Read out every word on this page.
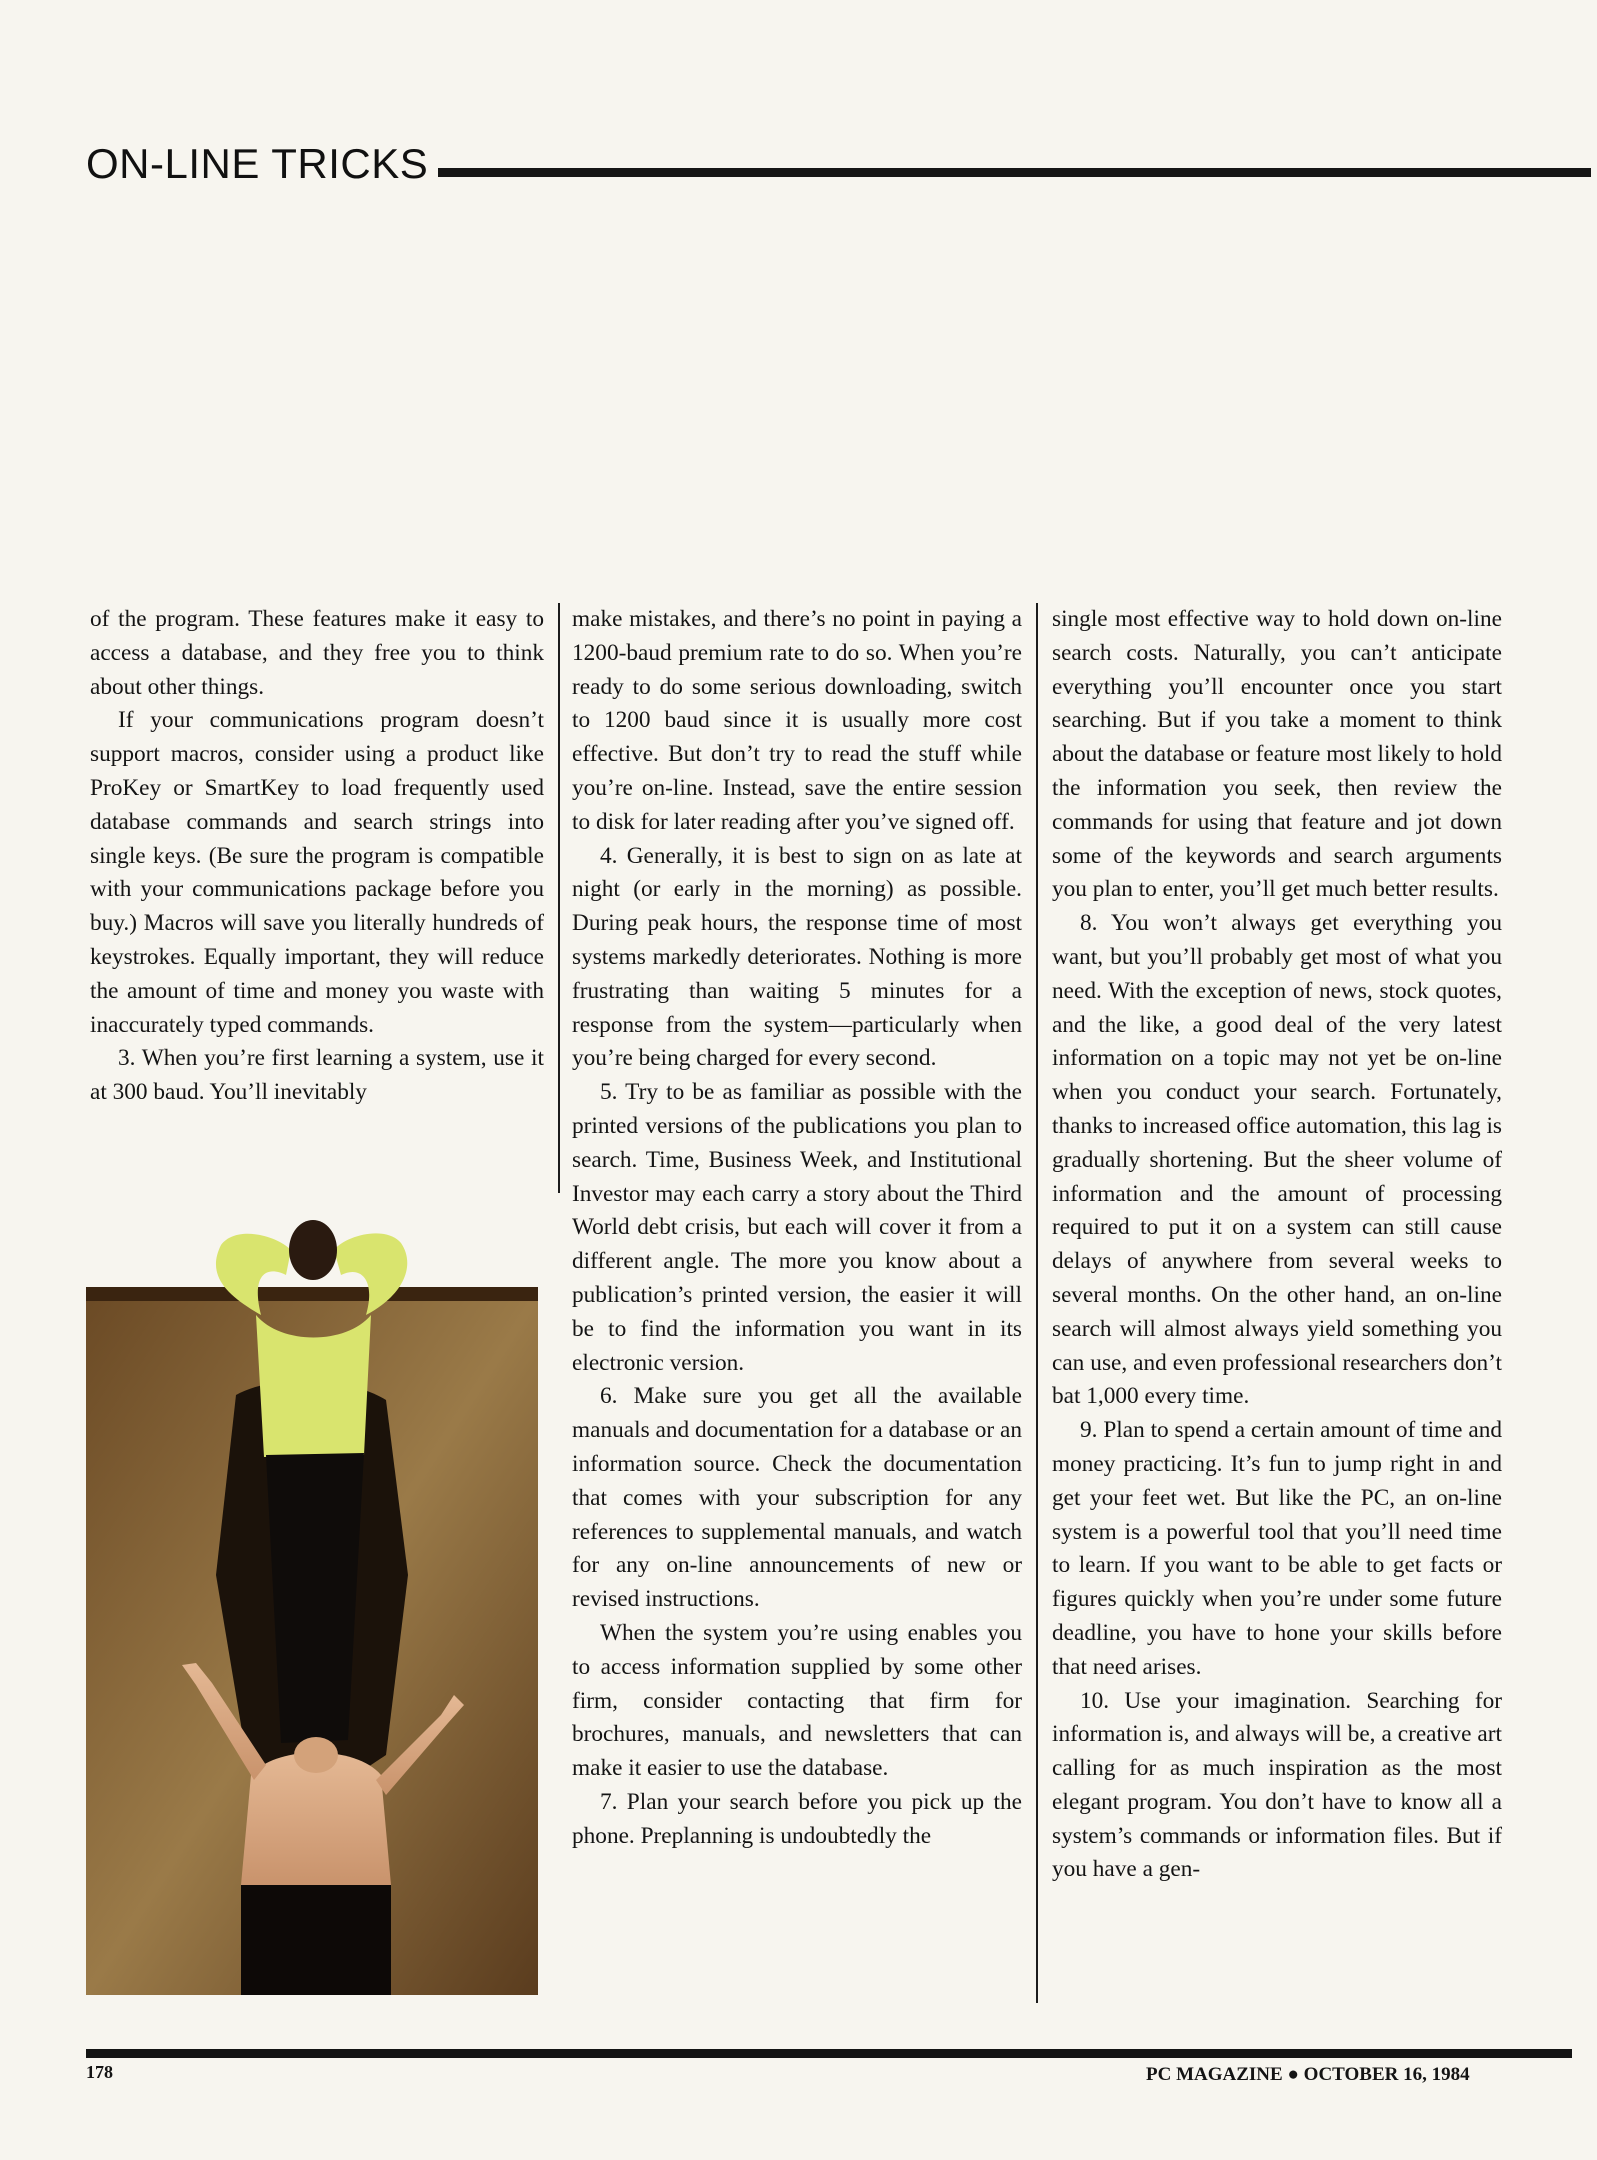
ON-LINE TRICKS

of the program. These features make it easy to access a database, and they free you to think about other things.

If your communications program doesn’t support macros, consider using a product like ProKey or SmartKey to load frequently used database commands and search strings into single keys. (Be sure the program is compatible with your communications package before you buy.) Macros will save you literally hundreds of keystrokes. Equally important, they will reduce the amount of time and money you waste with inaccurately typed commands.

3. When you’re first learning a system, use it at 300 baud. You’ll inevitably

make mistakes, and there’s no point in paying a 1200-baud premium rate to do so. When you’re ready to do some serious downloading, switch to 1200 baud since it is usually more cost effective. But don’t try to read the stuff while you’re on-line. Instead, save the entire session to disk for later reading after you’ve signed off.

4. Generally, it is best to sign on as late at night (or early in the morning) as possible. During peak hours, the response time of most systems markedly deteriorates. Nothing is more frustrating than waiting 5 minutes for a response from the system—particularly when you’re being charged for every second.

5. Try to be as familiar as possible with the printed versions of the publications you plan to search. Time, Business Week, and Institutional Investor may each carry a story about the Third World debt crisis, but each will cover it from a different angle. The more you know about a publication’s printed version, the easier it will be to find the information you want in its electronic version.

6. Make sure you get all the available manuals and documentation for a database or an information source. Check the documentation that comes with your subscription for any references to supplemental manuals, and watch for any on-line announcements of new or revised instructions.

When the system you’re using enables you to access information supplied by some other firm, consider contacting that firm for brochures, manuals, and newsletters that can make it easier to use the database.

7. Plan your search before you pick up the phone. Preplanning is undoubtedly the

single most effective way to hold down on-line search costs. Naturally, you can’t anticipate everything you’ll encounter once you start searching. But if you take a moment to think about the database or feature most likely to hold the information you seek, then review the commands for using that feature and jot down some of the keywords and search arguments you plan to enter, you’ll get much better results.

8. You won’t always get everything you want, but you’ll probably get most of what you need. With the exception of news, stock quotes, and the like, a good deal of the very latest information on a topic may not yet be on-line when you conduct your search. Fortunately, thanks to increased office automation, this lag is gradually shortening. But the sheer volume of information and the amount of processing required to put it on a system can still cause delays of anywhere from several weeks to several months. On the other hand, an on-line search will almost always yield something you can use, and even professional researchers don’t bat 1,000 every time.

9. Plan to spend a certain amount of time and money practicing. It’s fun to jump right in and get your feet wet. But like the PC, an on-line system is a powerful tool that you’ll need time to learn. If you want to be able to get facts or figures quickly when you’re under some future deadline, you have to hone your skills before that need arises.

10. Use your imagination. Searching for information is, and always will be, a creative art calling for as much inspiration as the most elegant program. You don’t have to know all a system’s commands or information files. But if you have a gen-

178	PC MAGAZINE ● OCTOBER 16, 1984
